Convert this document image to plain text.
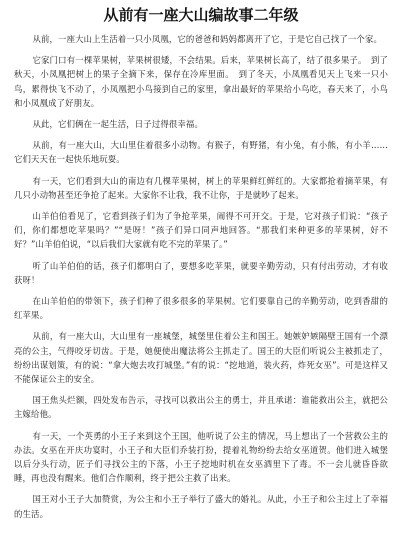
从前有一座大山编故事二年级

从前，一座大山上生活着一只小凤凰，它的爸爸和妈妈都离开了它，于是它自己找了一个家。

它家门口有一棵苹果树，苹果树很矮，不会结果。后来，苹果树长高了，结了很多果子。　到了秋天，小凤凰把树上的果子全摘下来，保存在冷库里面。　到了冬天，小凤凰看见天上飞来一只小鸟，累得快飞不动了，小凤凰把小鸟接到自己的家里，拿出最好的苹果给小鸟吃，春天来了，小鸟和小凤凰成了好朋友。

从此，它们俩在一起生活，日子过得很幸福。

从前，有一座大山，大山里住着很多小动物。有猴子，有野猪，有小兔，有小熊，有小羊……它们天天在一起快乐地玩耍。

有一天，它们看到大山的南边有几棵苹果树，树上的苹果鲜红鲜红的。大家都抢着摘苹果，有几只小动物甚至还争抢了起来。大家你不让我，我不让你，于是就吵了起来。

山羊伯伯看见了，它看到孩子们为了争抢苹果，闹得不可开交。于是，它对孩子们说：“孩子们，你们都想吃苹果吗？”“是呀！”孩子们异口同声地回答。“那我们来种更多的苹果树，好不好？”山羊伯伯说，“以后我们大家就有吃不完的苹果了。”

听了山羊伯伯的话，孩子们都明白了，要想多吃苹果，就要辛勤劳动，只有付出劳动，才有收获呀！

在山羊伯伯的带领下，孩子们种了很多很多的苹果树。它们要靠自己的辛勤劳动，吃到香甜的红苹果。

从前，有一座大山，大山里有一座城堡，城堡里住着公主和国王。她嫉妒嫉隔壁王国有一个漂亮的公主，气得咬牙切齿。于是，她便使出魔法将公主抓走了。国王的大臣们听说公主被抓走了，纷纷出谋划策，有的说：“拿大炮去攻打城堡。”有的说：“挖地道，装火药，炸死女巫”。可是这样又不能保证公主的安全。

国王焦头烂额，四处发布告示，寻找可以救出公主的勇士，并且承诺：谁能救出公主，就把公主嫁给他。

有一天，一个英勇的小王子来到这个王国，他听说了公主的情况，马上想出了一个营救公主的办法。女巫在开庆功宴时，小王子和大臣们乔装打扮，提着礼物纷纷去给女巫道贺。他们进入城堡以后分头行动，匠子们寻找公主的下落，小王子挖地时机在女巫酒里下了毒。不一会儿就昏昏欲睡，再也没有醒来。他们合作顺利，终于把公主救了出来。

国王对小王子大加赞赏，为公主和小王子举行了盛大的婚礼。从此，小王子和公主过上了幸福的生活。
